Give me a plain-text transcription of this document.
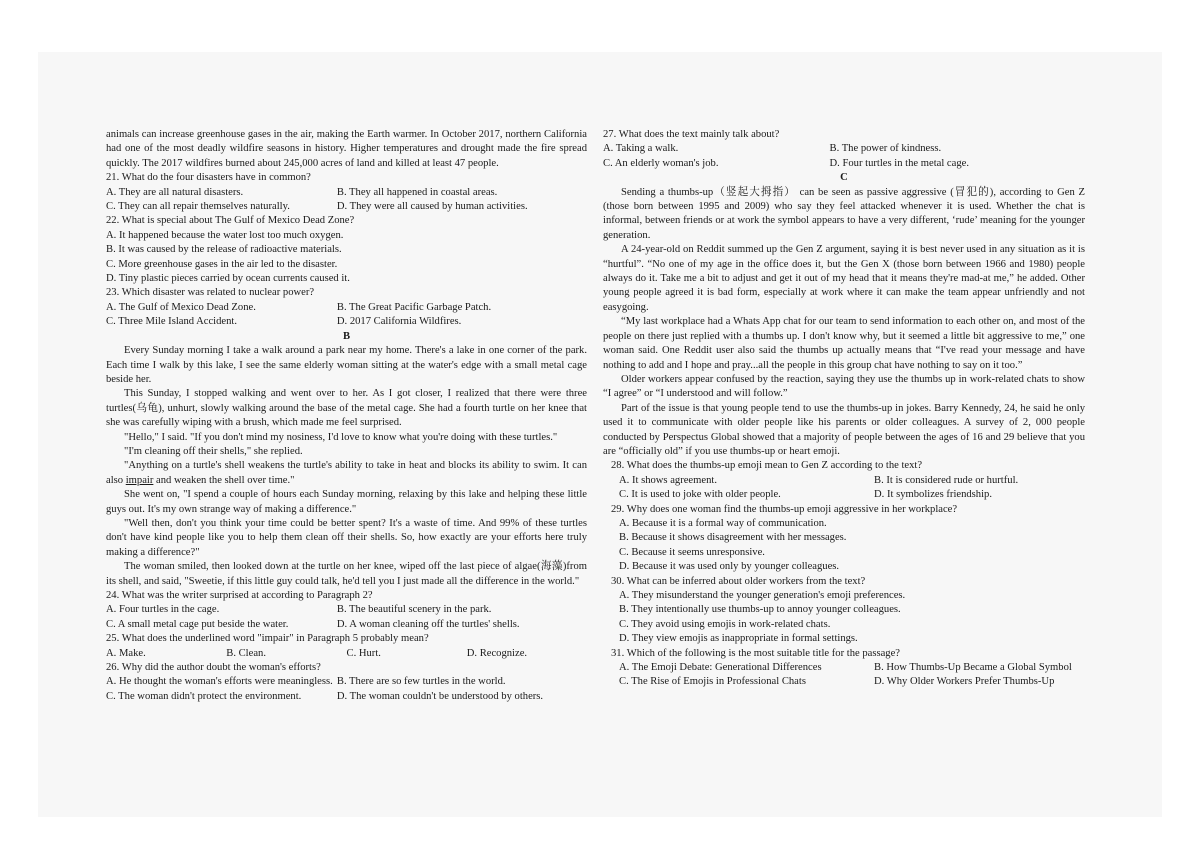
animals can increase greenhouse gases in the air, making the Earth warmer. In October 2017, northern California had one of the most deadly wildfire seasons in history. Higher temperatures and drought made the fire spread quickly. The 2017 wildfires burned about 245,000 acres of land and killed at least 47 people.

21. What do the four disasters have in common?

A. They are all natural disasters.	B. They all happened in coastal areas.
C. They can all repair themselves naturally.	D. They were all caused by human activities.

22. What is special about The Gulf of Mexico Dead Zone?

A. It happened because the water lost too much oxygen.

B. It was caused by the release of radioactive materials.

C. More greenhouse gases in the air led to the disaster.

D. Tiny plastic pieces carried by ocean currents caused it.

23. Which disaster was related to nuclear power?

A. The Gulf of Mexico Dead Zone.	B. The Great Pacific Garbage Patch.
C. Three Mile Island Accident.	D. 2017 California Wildfires.

B

Every Sunday morning I take a walk around a park near my home. There's a lake in one corner of the park. Each time I walk by this lake, I see the same elderly woman sitting at the water's edge with a small metal cage beside her.

This Sunday, I stopped walking and went over to her. As I got closer, I realized that there were three turtles(乌龟), unhurt, slowly walking around the base of the metal cage. She had a fourth turtle on her knee that she was carefully wiping with a brush, which made me feel surprised.

"Hello," I said. "If you don't mind my nosiness, I'd love to know what you're doing with these turtles."

"I'm cleaning off their shells," she replied.

"Anything on a turtle's shell weakens the turtle's ability to take in heat and blocks its ability to swim. It can also impair and weaken the shell over time."

She went on, "I spend a couple of hours each Sunday morning, relaxing by this lake and helping these little guys out. It's my own strange way of making a difference."

"Well then, don't you think your time could be better spent? It's a waste of time. And 99% of these turtles don't have kind people like you to help them clean off their shells. So, how exactly are your efforts here truly making a difference?"

The woman smiled, then looked down at the turtle on her knee, wiped off the last piece of algae(海藻)from its shell, and said, "Sweetie, if this little guy could talk, he'd tell you I just made all the difference in the world."

24. What was the writer surprised at according to Paragraph 2?

A. Four turtles in the cage.	B. The beautiful scenery in the park.
C. A small metal cage put beside the water.	D. A woman cleaning off the turtles' shells.

25. What does the underlined word "impair" in Paragraph 5 probably mean?

A. Make.	B. Clean.	C. Hurt.	D. Recognize.

26. Why did the author doubt the woman's efforts?

A. He thought the woman's efforts were meaningless. B. There are so few turtles in the world.
C. The woman didn't protect the environment.	D. The woman couldn't be understood by others.

27. What does the text mainly talk about?

A. Taking a walk.	B. The power of kindness.
C. An elderly woman's job.	D. Four turtles in the metal cage.

C

Sending a thumbs-up（竖起大拇指） can be seen as passive aggressive (冒犯的), according to Gen Z (those born between 1995 and 2009) who say they feel attacked whenever it is used. Whether the chat is informal, between friends or at work the symbol appears to have a very different, ‘rude’ meaning for the younger generation.

A 24-year-old on Reddit summed up the Gen Z argument, saying it is best never used in any situation as it is “hurtful”. “No one of my age in the office does it, but the Gen X (those born between 1966 and 1980) people always do it. Take me a bit to adjust and get it out of my head that it means they're mad-at me,” he added. Other young people agreed it is bad form, especially at work where it can make the team appear unfriendly and not easygoing.

“My last workplace had a Whats App chat for our team to send information to each other on, and most of the people on there just replied with a thumbs up. I don't know why, but it seemed a little bit aggressive to me,” one woman said. One Reddit user also said the thumbs up actually means that “I've read your message and have nothing to add and I hope and pray...all the people in this group chat have nothing to say on it too.”

Older workers appear confused by the reaction, saying they use the thumbs up in work-related chats to show “I agree” or “I understood and will follow.”

Part of the issue is that young people tend to use the thumbs-up in jokes. Barry Kennedy, 24, he said he only used it to communicate with older people like his parents or older colleagues. A survey of 2, 000 people conducted by Perspectus Global showed that a majority of people between the ages of 16 and 29 believe that you are “officially old” if you use thumbs-up or heart emoji.

28. What does the thumbs-up emoji mean to Gen Z according to the text?

A. It shows agreement.	B. It is considered rude or hurtful.
C. It is used to joke with older people.	D. It symbolizes friendship.

29. Why does one woman find the thumbs-up emoji aggressive in her workplace?

A. Because it is a formal way of communication.

B. Because it shows disagreement with her messages.

C. Because it seems unresponsive.

D. Because it was used only by younger colleagues.

30. What can be inferred about older workers from the text?

A. They misunderstand the younger generation's emoji preferences.

B. They intentionally use thumbs-up to annoy younger colleagues.

C. They avoid using emojis in work-related chats.

D. They view emojis as inappropriate in formal settings.

31. Which of the following is the most suitable title for the passage?

A. The Emoji Debate: Generational Differences	B. How Thumbs-Up Became a Global Symbol
C. The Rise of Emojis in Professional Chats	D. Why Older Workers Prefer Thumbs-Up
